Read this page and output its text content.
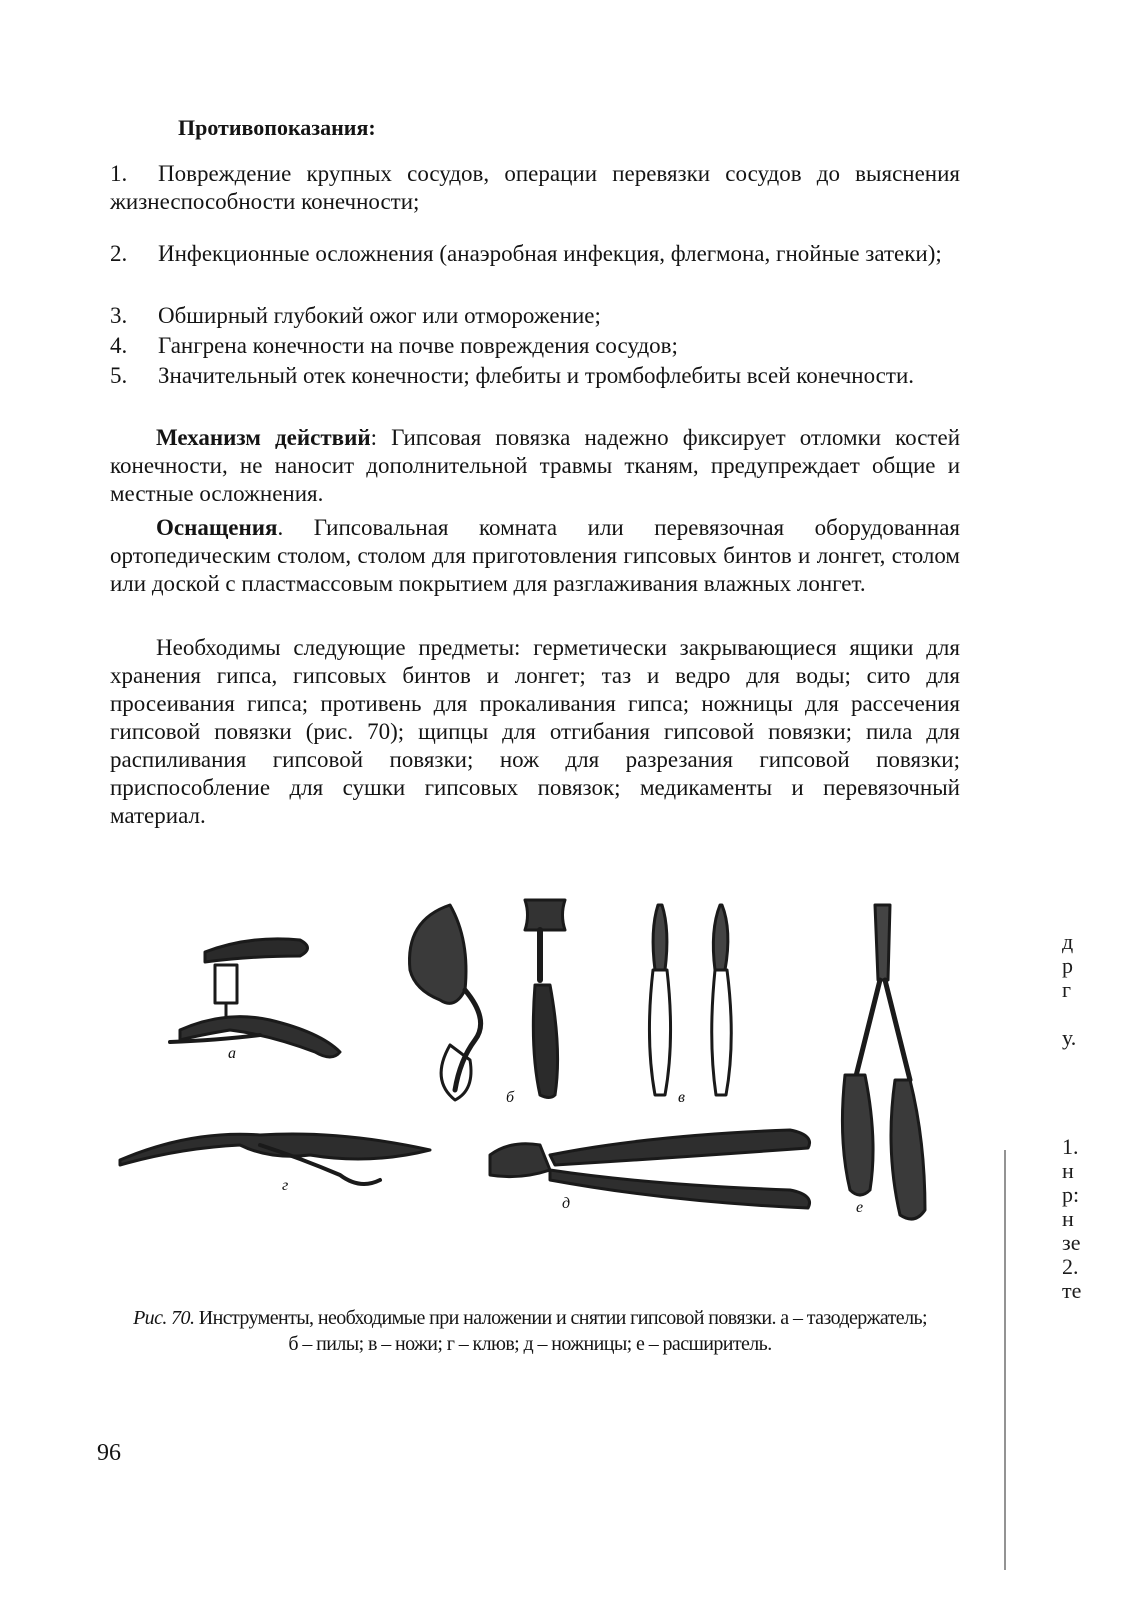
Противопоказания:
1. Повреждение крупных сосудов, операции перевязки сосудов до выяснения жизнеспособности конечности;
2. Инфекционные осложнения (анаэробная инфекция, флегмона, гнойные затеки);
3. Обширный глубокий ожог или отморожение;
4. Гангрена конечности на почве повреждения сосудов;
5. Значительный отек конечности; флебиты и тромбофлебиты всей конечности.
Механизм действий: Гипсовая повязка надежно фиксирует отломки костей конечности, не наносит дополнительной травмы тканям, предупреждает общие и местные осложнения.
Оснащения. Гипсовальная комната или перевязочная оборудованная ортопедическим столом, столом для приготовления гипсовых бинтов и лонгет, столом или доской с пластмассовым покрытием для разглаживания влажных лонгет.
Необходимы следующие предметы: герметически закрывающиеся ящики для хранения гипса, гипсовых бинтов и лонгет; таз и ведро для воды; сито для просеивания гипса; противень для прокаливания гипса; ножницы для рассечения гипсовой повязки (рис. 70); щипцы для отгибания гипсовой повязки; пила для распиливания гипсовой повязки; нож для разрезания гипсовой повязки; приспособление для сушки гипсовых повязок; медикаменты и перевязочный материал.
а
б	в
г
д	е
Рис. 70. Инструменты, необходимые при наложении и снятии гипсовой повязки. а – тазодержатель; б – пилы; в – ножи; г – клюв; д – ножницы; е – расширитель.
96
д
р
г
у.
1.
н
р:
н
зе
2.
те
